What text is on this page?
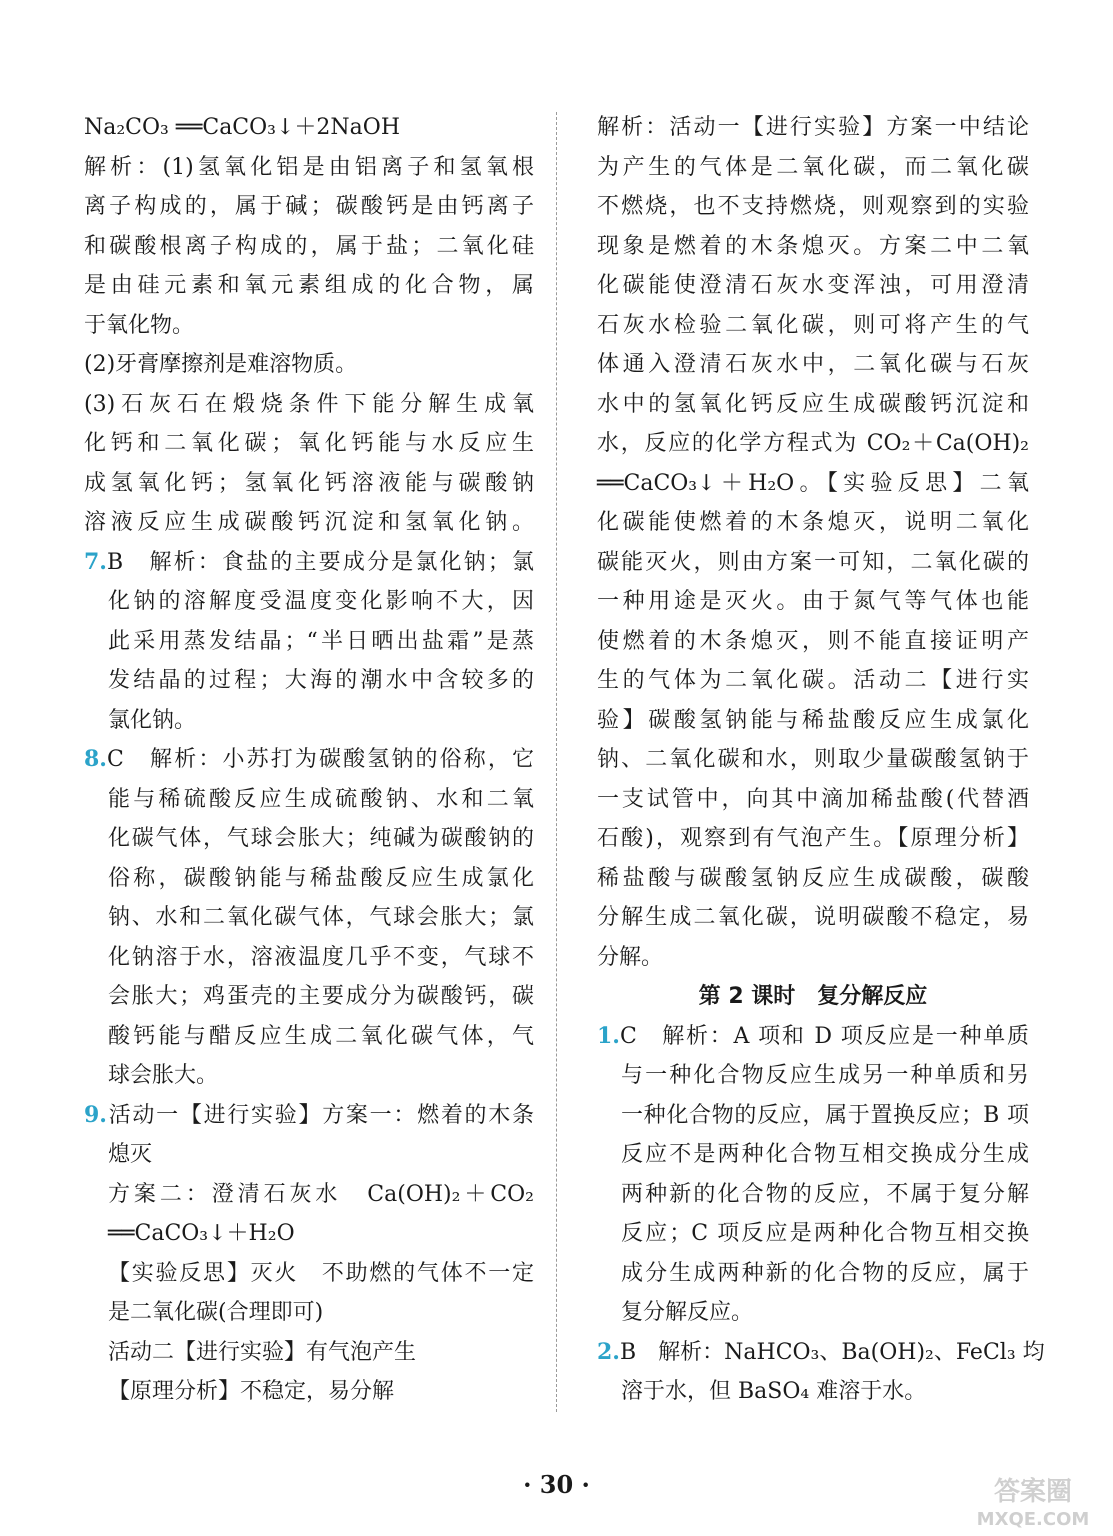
Na₂CO₃ ══CaCO₃↓＋2NaOH
解析：(1)氢氧化铝是由铝离子和氢氧根
离子构成的，属于碱；碳酸钙是由钙离子
和碳酸根离子构成的，属于盐；二氧化硅
是由硅元素和氧元素组成的化合物，属
于氧化物。
(2)牙膏摩擦剂是难溶物质。
(3)石灰石在煅烧条件下能分解生成氧
化钙和二氧化碳；氧化钙能与水反应生
成氢氧化钙；氢氧化钙溶液能与碳酸钠
溶液反应生成碳酸钙沉淀和氢氧化钠。
7.B　解析：食盐的主要成分是氯化钠；氯
化钠的溶解度受温度变化影响不大，因
此采用蒸发结晶；“半日晒出盐霜”是蒸
发结晶的过程；大海的潮水中含较多的
氯化钠。
8.C　解析：小苏打为碳酸氢钠的俗称，它
能与稀硫酸反应生成硫酸钠、水和二氧
化碳气体，气球会胀大；纯碱为碳酸钠的
俗称，碳酸钠能与稀盐酸反应生成氯化
钠、水和二氧化碳气体，气球会胀大；氯
化钠溶于水，溶液温度几乎不变，气球不
会胀大；鸡蛋壳的主要成分为碳酸钙，碳
酸钙能与醋反应生成二氧化碳气体，气
球会胀大。
9.活动一【进行实验】方案一：燃着的木条
熄灭
方案二：澄清石灰水　Ca(OH)₂＋CO₂
══CaCO₃↓＋H₂O
【实验反思】灭火　不助燃的气体不一定
是二氧化碳(合理即可)
活动二【进行实验】有气泡产生
【原理分析】不稳定，易分解
解析：活动一【进行实验】方案一中结论
为产生的气体是二氧化碳，而二氧化碳
不燃烧，也不支持燃烧，则观察到的实验
现象是燃着的木条熄灭。方案二中二氧
化碳能使澄清石灰水变浑浊，可用澄清
石灰水检验二氧化碳，则可将产生的气
体通入澄清石灰水中，二氧化碳与石灰
水中的氢氧化钙反应生成碳酸钙沉淀和
水，反应的化学方程式为 CO₂＋Ca(OH)₂
══CaCO₃↓＋H₂O。【实验反思】二氧
化碳能使燃着的木条熄灭，说明二氧化
碳能灭火，则由方案一可知，二氧化碳的
一种用途是灭火。由于氮气等气体也能
使燃着的木条熄灭，则不能直接证明产
生的气体为二氧化碳。活动二【进行实
验】碳酸氢钠能与稀盐酸反应生成氯化
钠、二氧化碳和水，则取少量碳酸氢钠于
一支试管中，向其中滴加稀盐酸(代替酒
石酸)，观察到有气泡产生。【原理分析】
稀盐酸与碳酸氢钠反应生成碳酸，碳酸
分解生成二氧化碳，说明碳酸不稳定，易
分解。
第 2 课时　复分解反应
1.C　解析：A 项和 D 项反应是一种单质
与一种化合物反应生成另一种单质和另
一种化合物的反应，属于置换反应；B 项
反应不是两种化合物互相交换成分生成
两种新的化合物的反应，不属于复分解
反应；C 项反应是两种化合物互相交换
成分生成两种新的化合物的反应，属于
复分解反应。
2.B　解析：NaHCO₃、Ba(OH)₂、FeCl₃ 均
溶于水，但 BaSO₄ 难溶于水。
· 30 ·	答案圈
MXQE.COM
